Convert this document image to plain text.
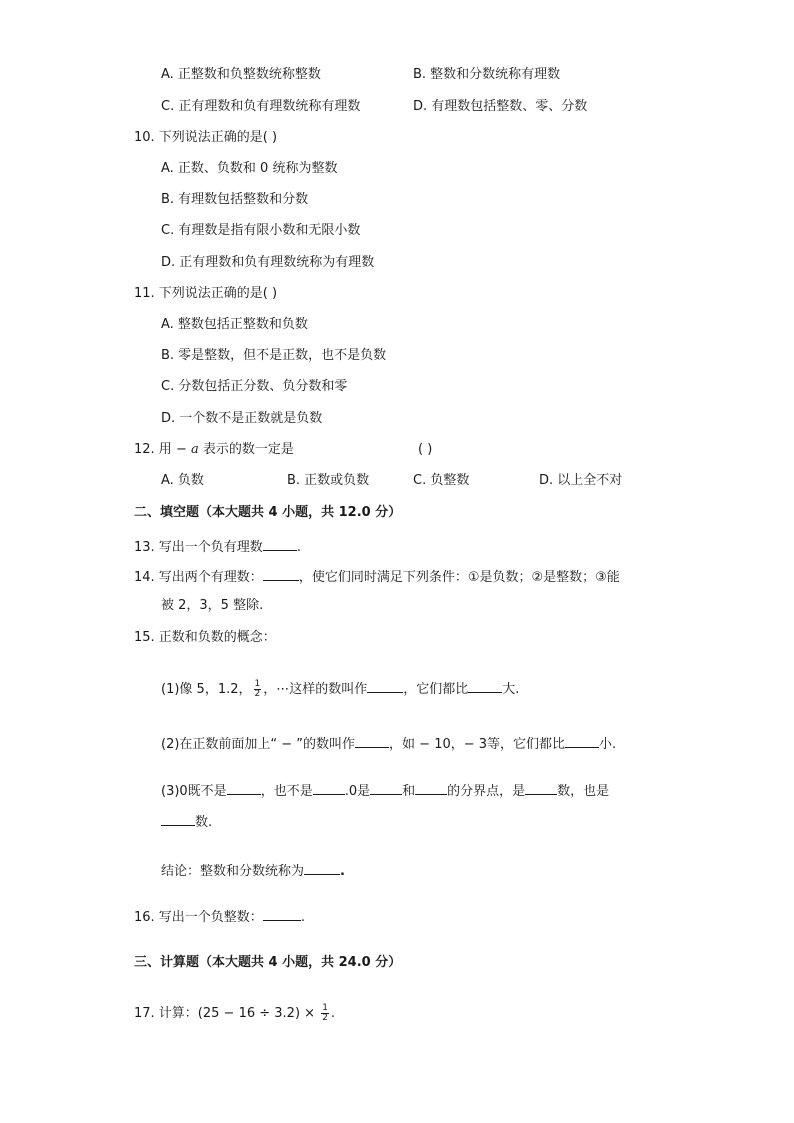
A. 正整数和负整数统称整数	B. 整数和分数统称有理数
C. 正有理数和负有理数统称有理数	D. 有理数包括整数、零、分数
10. 下列说法正确的是( )
A. 正数、负数和 0 统称为整数
B. 有理数包括整数和分数
C. 有理数是指有限小数和无限小数
D. 正有理数和负有理数统称为有理数
11. 下列说法正确的是( )
A. 整数包括正整数和负数
B. 零是整数，但不是正数，也不是负数
C. 分数包括正分数、负分数和零
D. 一个数不是正数就是负数
12. 用 − a 表示的数一定是	( )
A. 负数	B. 正数或负数	C. 负整数	D. 以上全不对
二、填空题（本大题共 4 小题，共 12.0 分）
13. 写出一个负有理数	.
14. 写出两个有理数：	，使它们同时满足下列条件：①是负数；②是整数；③能
被 2，3，5 整除.
15. 正数和负数的概念：
(1)像 5，1.2， $\frac{1}{2}$ ，⋯这样的数叫作	，它们都比	大.
(2)在正数前面加上“ − ”的数叫作	，如 − 10，− 3等，它们都比	小.
(3)0既不是	，也不是 .0是 和 的分界点，是 数，也是
数.
结论：整数和分数统称为	.
16. 写出一个负整数：	.
三、计算题（本大题共 4 小题，共 24.0 分）
17. 计算：$(25 - 16 \div 3.2) \times \frac{1}{2}$ .
